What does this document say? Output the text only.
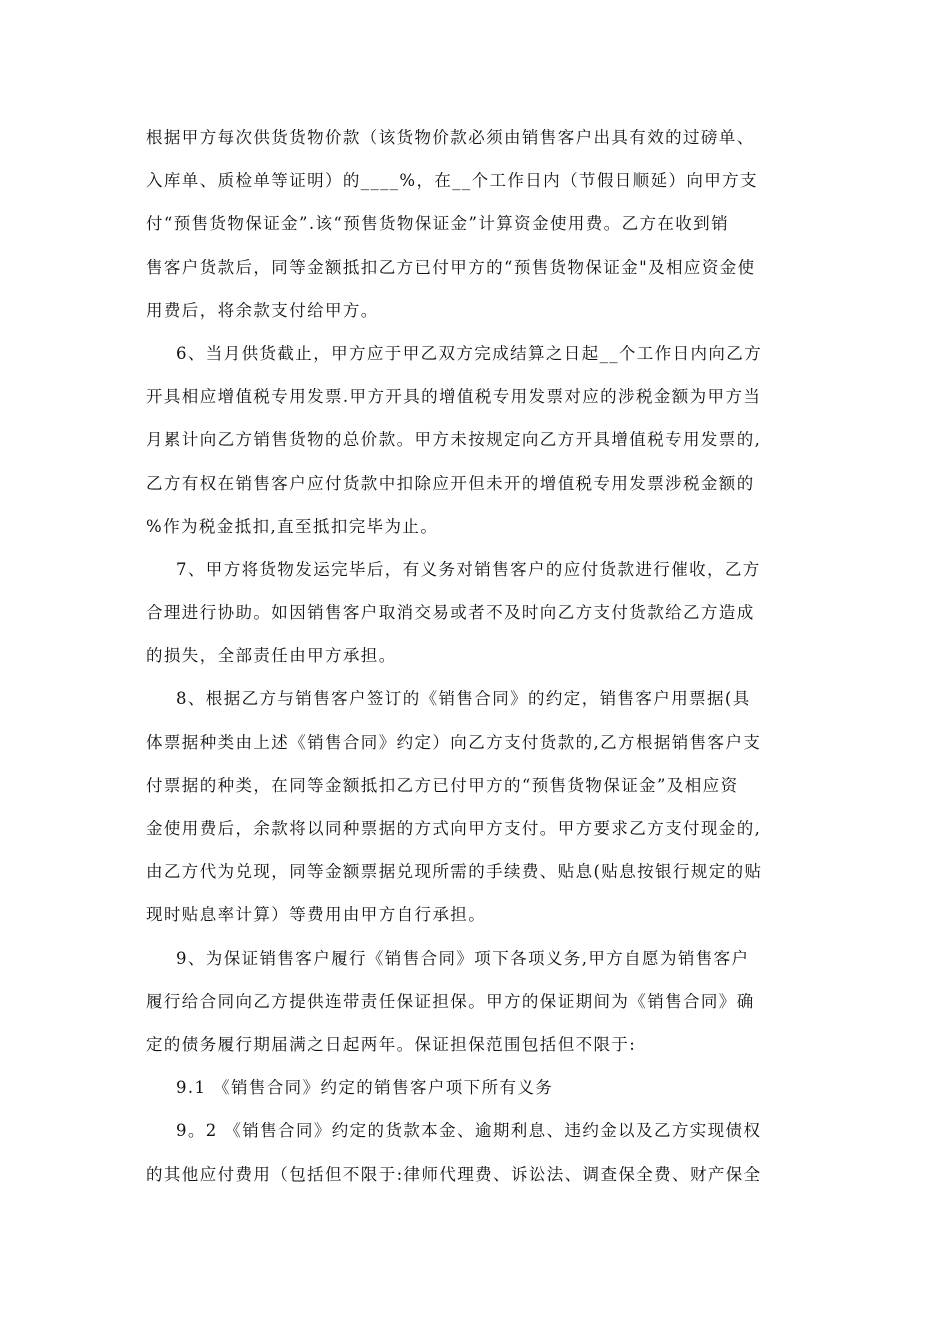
根据甲方每次供货货物价款（该货物价款必须由销售客户出具有效的过磅单、
入库单、质检单等证明）的____%，在__个工作日内（节假日顺延）向甲方支
付“预售货物保证金”.该“预售货物保证金”计算资金使用费。乙方在收到销
售客户货款后，同等金额抵扣乙方已付甲方的“预售货物保证金"及相应资金使
用费后，将余款支付给甲方。
6、当月供货截止，甲方应于甲乙双方完成结算之日起__个工作日内向乙方
开具相应增值税专用发票.甲方开具的增值税专用发票对应的涉税金额为甲方当
月累计向乙方销售货物的总价款。甲方未按规定向乙方开具增值税专用发票的,
乙方有权在销售客户应付货款中扣除应开但未开的增值税专用发票涉税金额的
%作为税金抵扣,直至抵扣完毕为止。
7、甲方将货物发运完毕后，有义务对销售客户的应付货款进行催收，乙方
合理进行协助。如因销售客户取消交易或者不及时向乙方支付货款给乙方造成
的损失，全部责任由甲方承担。
8、根据乙方与销售客户签订的《销售合同》的约定，销售客户用票据(具
体票据种类由上述《销售合同》约定）向乙方支付货款的,乙方根据销售客户支
付票据的种类，在同等金额抵扣乙方已付甲方的“预售货物保证金”及相应资
金使用费后，余款将以同种票据的方式向甲方支付。甲方要求乙方支付现金的,
由乙方代为兑现，同等金额票据兑现所需的手续费、贴息(贴息按银行规定的贴
现时贴息率计算）等费用由甲方自行承担。
9、为保证销售客户履行《销售合同》项下各项义务,甲方自愿为销售客户
履行给合同向乙方提供连带责任保证担保。甲方的保证期间为《销售合同》确
定的债务履行期届满之日起两年。保证担保范围包括但不限于:
9.1 《销售合同》约定的销售客户项下所有义务
9。2 《销售合同》约定的货款本金、逾期利息、违约金以及乙方实现债权
的其他应付费用（包括但不限于:律师代理费、诉讼法、调查保全费、财产保全
